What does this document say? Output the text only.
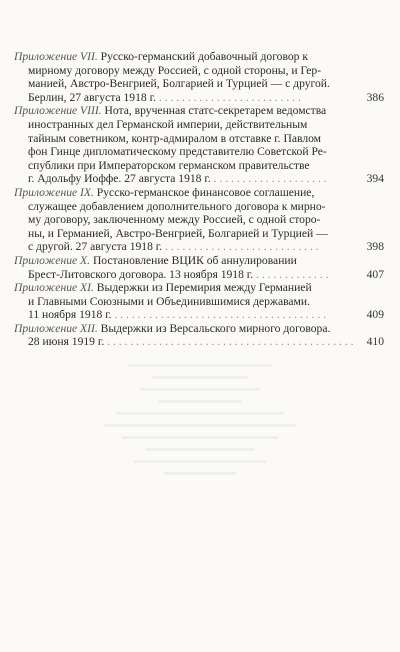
Приложение VII. Русско-германский добавочный договор к
мирному договору между Россией, с одной стороны, и Гер-
манией, Австро-Венгрией, Болгарией и Турцией — с другой.
Берлин, 27 августа 1918 г. . . . . . . . . . . . . . . . . . . . . . . . . .	386
Приложение VIII. Нота, врученная статс-секретарем ведомства
иностранных дел Германской империи, действительным
тайным советником, контр-адмиралом в отставке г. Павлом
фон Гинце дипломатическому представителю Советской Ре-
спублики при Императорском германском правительстве
г. Адольфу Иоффе. 27 августа 1918 г. . . . . . . . . . . . . . . . . . . . .	394
Приложение IX. Русско-германское финансовое соглашение,
служащее добавлением дополнительного договора к мирно-
му договору, заключенному между Россией, с одной сторо-
ны, и Германией, Австро-Венгрией, Болгарией и Турцией —
с другой. 27 августа 1918 г. . . . . . . . . . . . . . . . . . . . . . . . . . . .	398
Приложение X. Постановление ВЦИК об аннулировании
Брест-Литовского договора. 13 ноября 1918 г. . . . . . . . . . . . . .	407
Приложение XI. Выдержки из Перемирия между Германией
и Главными Союзными и Объединившимися державами.
11 ноября 1918 г. . . . . . . . . . . . . . . . . . . . . . . . . . . . . . . . . . . . . .	409
Приложение XII. Выдержки из Версальского мирного договора.
28 июня 1919 г. . . . . . . . . . . . . . . . . . . . . . . . . . . . . . . . . . . . . . . . . . . .	410
